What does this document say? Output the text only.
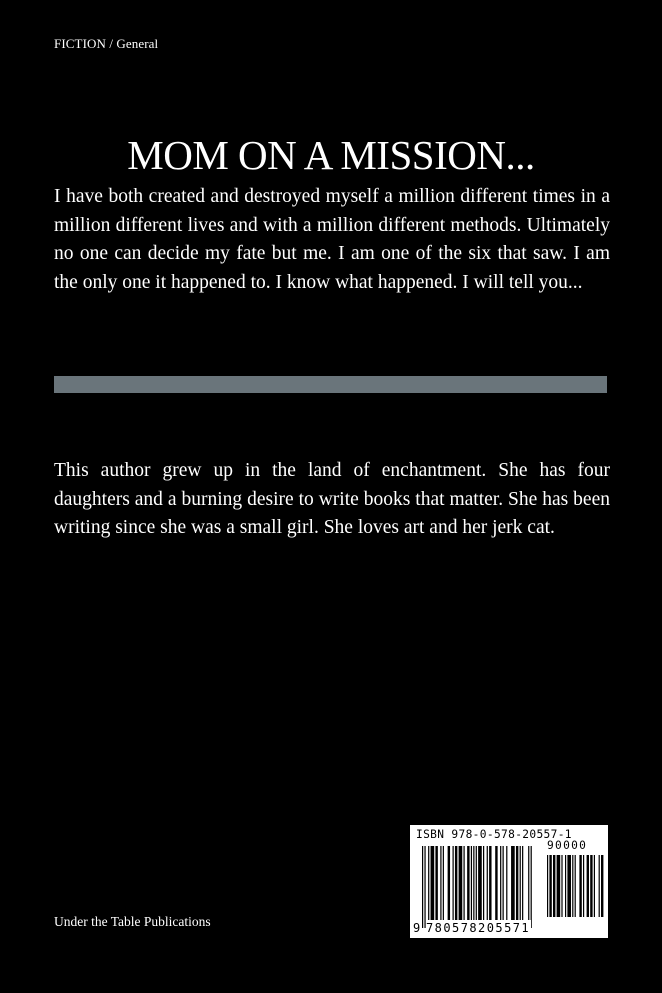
FICTION / General
MOM ON A MISSION...

I have both created and destroyed myself a million different times in a million different lives and with a million different methods. Ultimately no one can decide my fate but me. I am one of the six that saw. I am the only one it happened to. I know what happened. I will tell you...

This author grew up in the land of enchantment. She has four daughters and a burning desire to write books that matter. She has been writing since she was a small girl. She loves art and her jerk cat.

Under the Table Publications
ISBN 978-0-578-20557-1
90000
9 780578205571
